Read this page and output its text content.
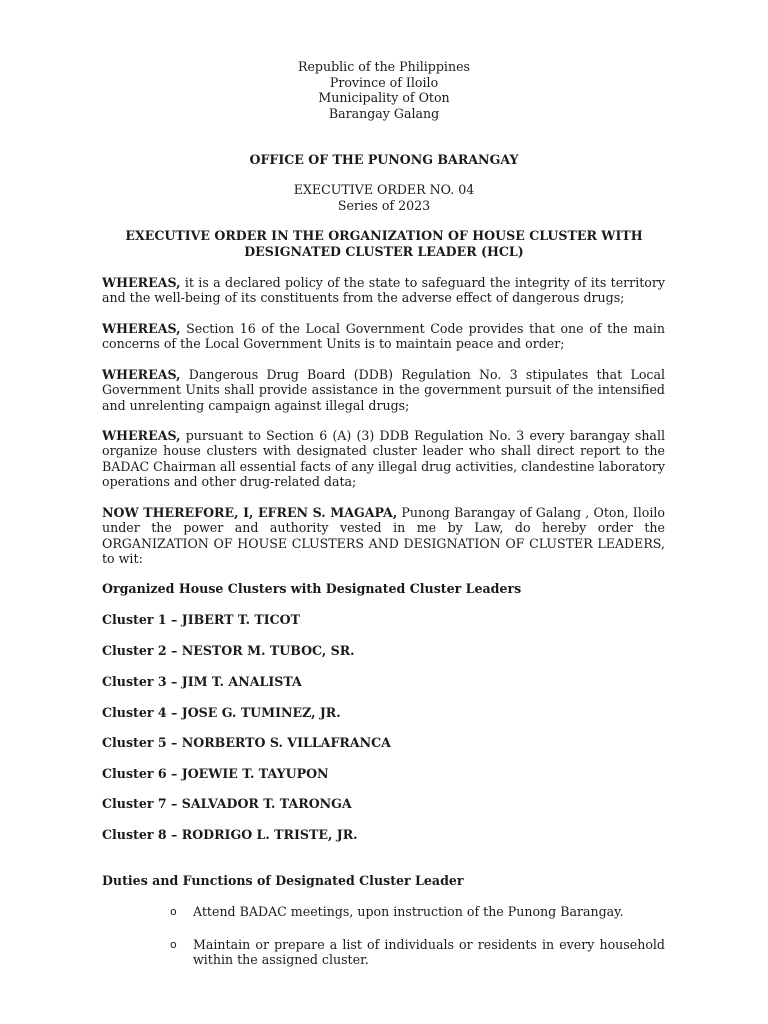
Republic of the Philippines
Province of Iloilo
Municipality of Oton
Barangay Galang
OFFICE OF THE PUNONG BARANGAY
EXECUTIVE ORDER NO. 04
Series of 2023
EXECUTIVE ORDER IN THE ORGANIZATION OF HOUSE CLUSTER WITH
DESIGNATED CLUSTER LEADER (HCL)

WHEREAS, it is a declared policy of the state to safeguard the integrity of its territory and the well-being of its constituents from the adverse effect of dangerous drugs;

WHEREAS, Section 16 of the Local Government Code provides that one of the main concerns of the Local Government Units is to maintain peace and order;

WHEREAS, Dangerous Drug Board (DDB) Regulation No. 3 stipulates that Local Government Units shall provide assistance in the government pursuit of the intensified and unrelenting campaign against illegal drugs;

WHEREAS, pursuant to Section 6 (A) (3) DDB Regulation No. 3 every barangay shall organize house clusters with designated cluster leader who shall direct report to the BADAC Chairman all essential facts of any illegal drug activities, clandestine laboratory operations and other drug-related data;

NOW THEREFORE, I, EFREN S. MAGAPA, Punong Barangay of Galang , Oton, Iloilo under the power and authority vested in me by Law, do hereby order the ORGANIZATION OF HOUSE CLUSTERS AND DESIGNATION OF CLUSTER LEADERS, to wit:

Organized House Clusters with Designated Cluster Leaders
Cluster 1 – JIBERT T. TICOT
Cluster 2 – NESTOR M. TUBOC, SR.
Cluster 3 – JIM T. ANALISTA
Cluster 4 – JOSE G. TUMINEZ, JR.
Cluster 5 – NORBERTO S. VILLAFRANCA
Cluster 6 – JOEWIE T. TAYUPON
Cluster 7 – SALVADOR T. TARONGA
Cluster 8 – RODRIGO L. TRISTE, JR.
Duties and Functions of Designated Cluster Leader
o	Attend BADAC meetings, upon instruction of the Punong Barangay.
o	Maintain or prepare a list of individuals or residents in every household within the assigned cluster.
